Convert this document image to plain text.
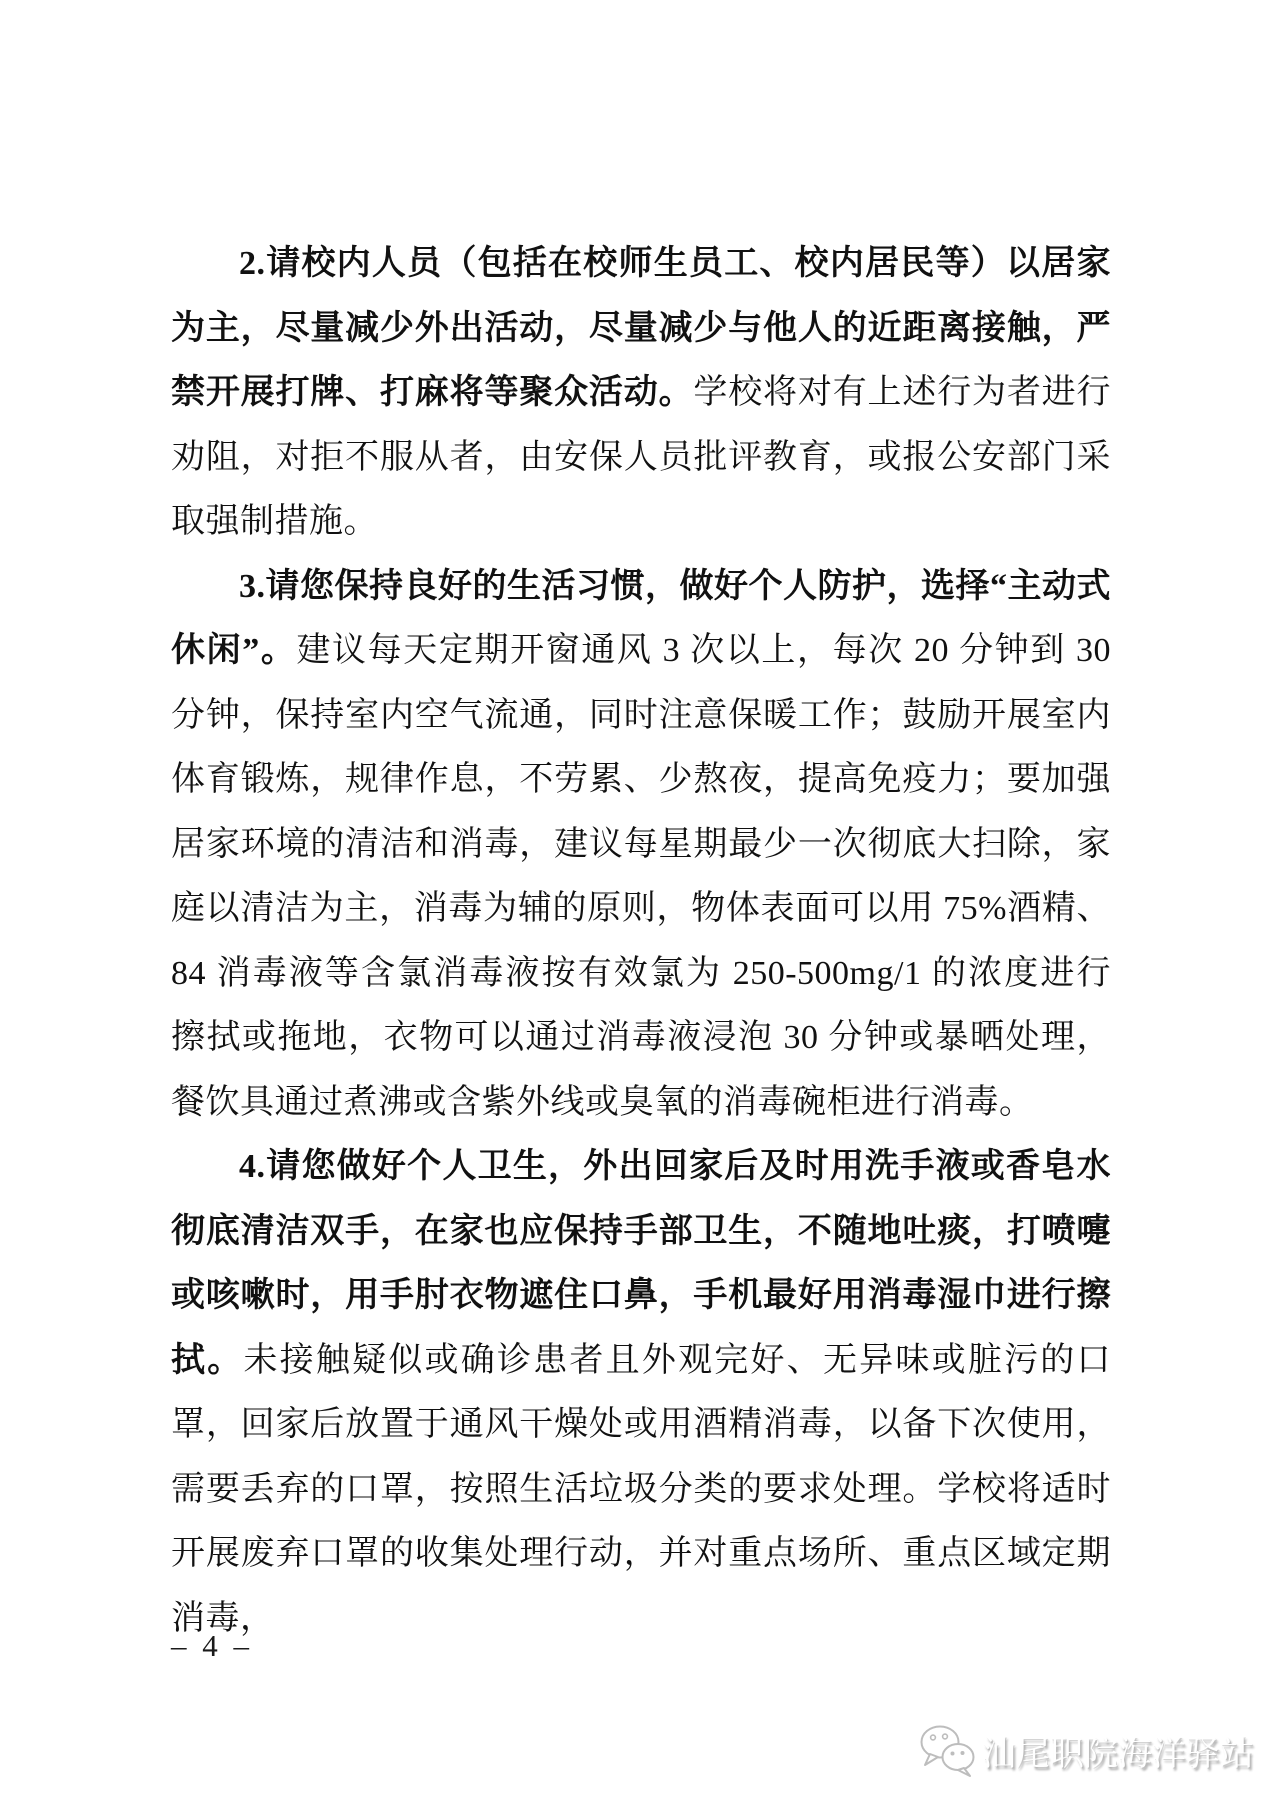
2.请校内人员（包括在校师生员工、校内居民等）以居家为主，尽量减少外出活动，尽量减少与他人的近距离接触，严禁开展打牌、打麻将等聚众活动。学校将对有上述行为者进行劝阻，对拒不服从者，由安保人员批评教育，或报公安部门采取强制措施。

3.请您保持良好的生活习惯，做好个人防护，选择“主动式休闲”。建议每天定期开窗通风 3 次以上，每次 20 分钟到 30 分钟，保持室内空气流通，同时注意保暖工作；鼓励开展室内体育锻炼，规律作息，不劳累、少熬夜，提高免疫力；要加强居家环境的清洁和消毒，建议每星期最少一次彻底大扫除，家庭以清洁为主，消毒为辅的原则，物体表面可以用 75%酒精、84 消毒液等含氯消毒液按有效氯为 250-500mg/1 的浓度进行擦拭或拖地，衣物可以通过消毒液浸泡 30 分钟或暴晒处理，餐饮具通过煮沸或含紫外线或臭氧的消毒碗柜进行消毒。

4.请您做好个人卫生，外出回家后及时用洗手液或香皂水彻底清洁双手，在家也应保持手部卫生，不随地吐痰，打喷嚏或咳嗽时，用手肘衣物遮住口鼻，手机最好用消毒湿巾进行擦拭。未接触疑似或确诊患者且外观完好、无异味或脏污的口罩，回家后放置于通风干燥处或用酒精消毒，以备下次使用，需要丢弃的口罩，按照生活垃圾分类的要求处理。学校将适时开展废弃口罩的收集处理行动，并对重点场所、重点区域定期消毒，

– 4 –
汕尾职院海洋驿站
